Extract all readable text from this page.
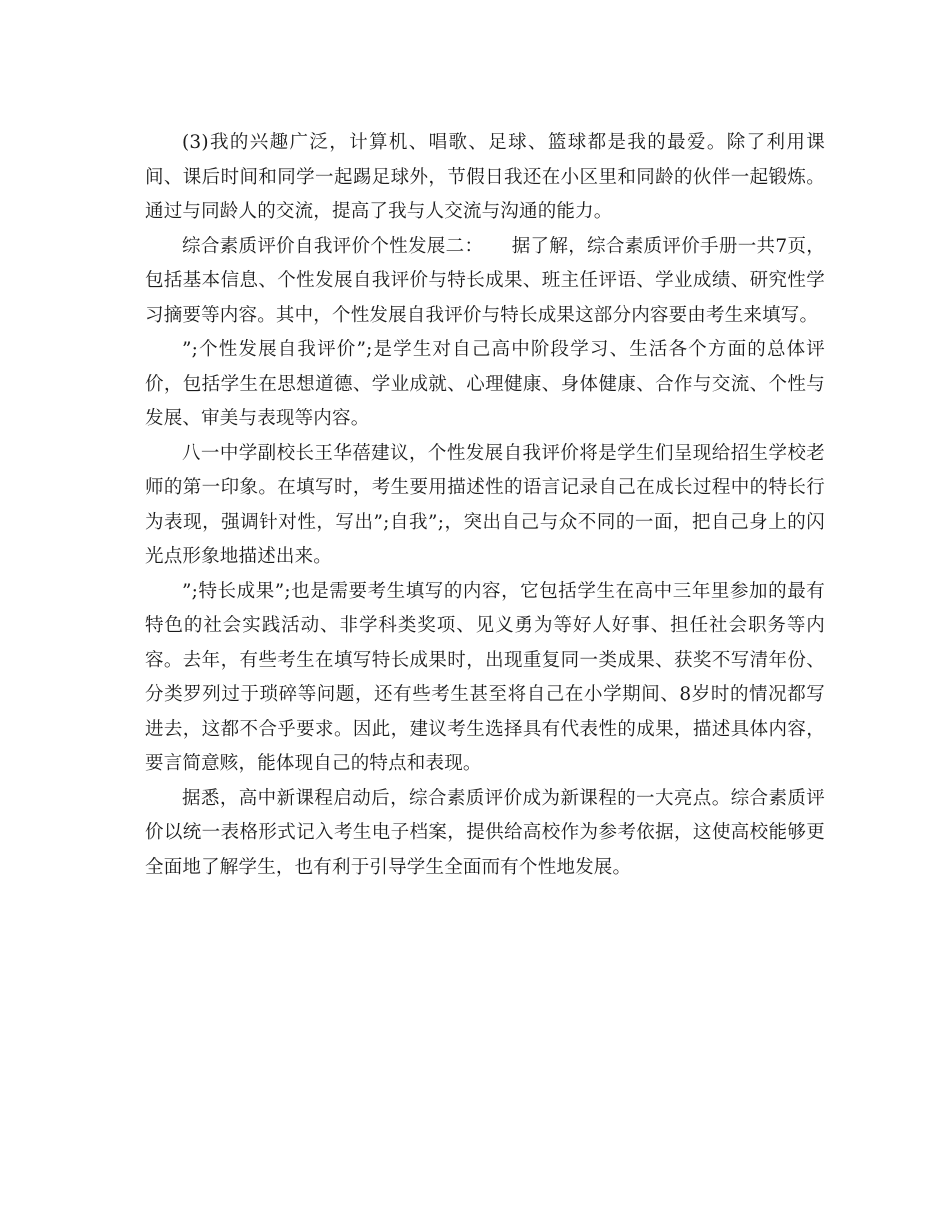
(3)我的兴趣广泛，计算机、唱歌、足球、篮球都是我的最爱。除了利用课间、课后时间和同学一起踢足球外，节假日我还在小区里和同龄的伙伴一起锻炼。通过与同龄人的交流，提高了我与人交流与沟通的能力。

综合素质评价自我评价个性发展二：　　据了解，综合素质评价手册一共7页，包括基本信息、个性发展自我评价与特长成果、班主任评语、学业成绩、研究性学习摘要等内容。其中，个性发展自我评价与特长成果这部分内容要由考生来填写。

”;个性发展自我评价”;是学生对自己高中阶段学习、生活各个方面的总体评价，包括学生在思想道德、学业成就、心理健康、身体健康、合作与交流、个性与发展、审美与表现等内容。

八一中学副校长王华蓓建议，个性发展自我评价将是学生们呈现给招生学校老师的第一印象。在填写时，考生要用描述性的语言记录自己在成长过程中的特长行为表现，强调针对性，写出”;自我”;，突出自己与众不同的一面，把自己身上的闪光点形象地描述出来。

”;特长成果”;也是需要考生填写的内容，它包括学生在高中三年里参加的最有特色的社会实践活动、非学科类奖项、见义勇为等好人好事、担任社会职务等内容。去年，有些考生在填写特长成果时，出现重复同一类成果、获奖不写清年份、分类罗列过于琐碎等问题，还有些考生甚至将自己在小学期间、8岁时的情况都写进去，这都不合乎要求。因此，建议考生选择具有代表性的成果，描述具体内容，要言简意赅，能体现自己的特点和表现。

据悉，高中新课程启动后，综合素质评价成为新课程的一大亮点。综合素质评价以统一表格形式记入考生电子档案，提供给高校作为参考依据，这使高校能够更全面地了解学生，也有利于引导学生全面而有个性地发展。
